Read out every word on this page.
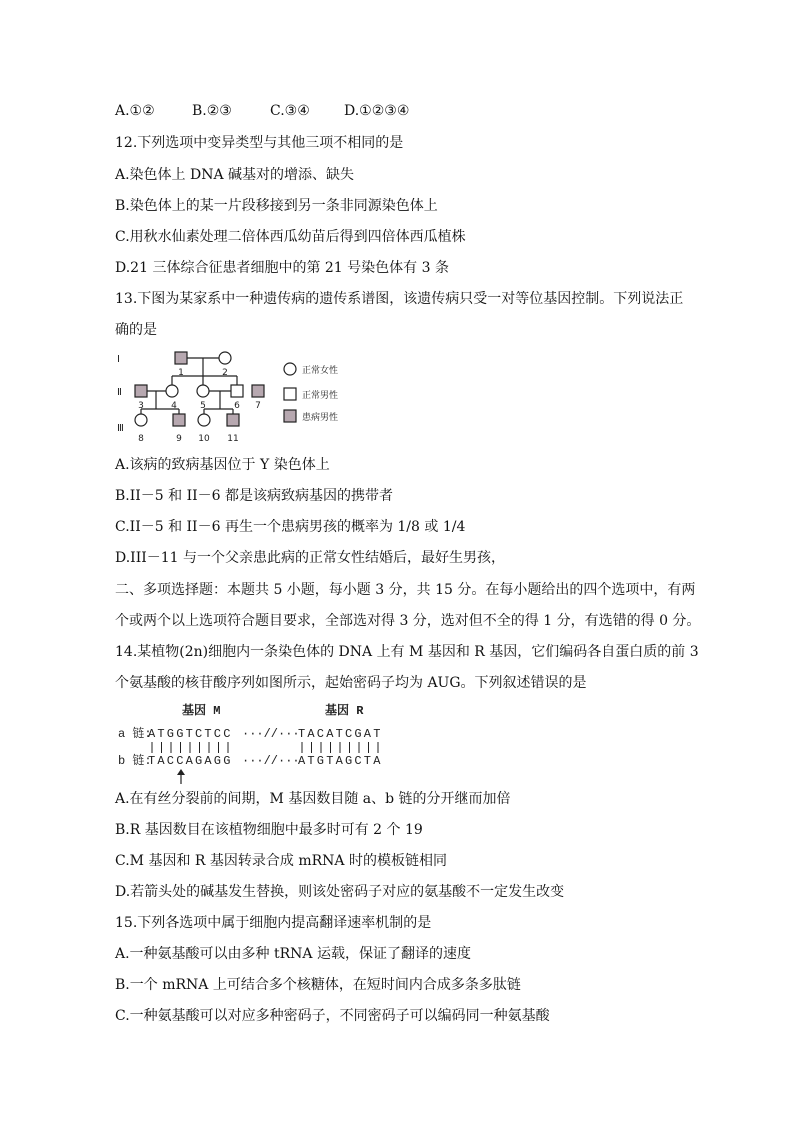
A.①②	B.②③	C.③④ D.①②③④
12.下列选项中变异类型与其他三项不相同的是
A.染色体上 DNA 碱基对的增添、缺失
B.染色体上的某一片段移接到另一条非同源染色体上
C.用秋水仙素处理二倍体西瓜幼苗后得到四倍体西瓜植株
D.21 三体综合征患者细胞中的第 21 号染色体有 3 条
13.下图为某家系中一种遗传病的遗传系谱图，该遗传病只受一对等位基因控制。下列说法正
确的是
Ⅰ
Ⅱ
Ⅲ
1	2
3	4	5	6 7
8	9 10 11
正常女性
正常男性
患病男性
A.该病的致病基因位于 Y 染色体上
B.II－5 和 II－6 都是该病致病基因的携带者
C.II－5 和 II－6 再生一个患病男孩的概率为 1/8 或 1/4
D.III－11 与一个父亲患此病的正常女性结婚后，最好生男孩，
二、多项选择题：本题共 5 小题，每小题 3 分，共 15 分。在每小题给出的四个选项中，有两
个或两个以上选项符合题目要求，全部选对得 3 分，选对但不全的得 1 分，有选错的得 0 分。
14.某植物(2n)细胞内一条染色体的 DNA 上有 M 基因和 R 基因，它们编码各自蛋白质的前 3
个氨基酸的核苷酸序列如图所示，起始密码子均为 AUG。下列叙述错误的是
基因 M	基因 R
a 链:
b 链:
ATGGTCTCC
TACCAGAGG
TACATCGAT
ATGTAGCTA
···//···
···//···
A.在有丝分裂前的间期，M 基因数目随 a、b 链的分开继而加倍
B.R 基因数目在该植物细胞中最多时可有 2 个 19
C.M 基因和 R 基因转录合成 mRNA 时的模板链相同
D.若箭头处的碱基发生替换，则该处密码子对应的氨基酸不一定发生改变
15.下列各选项中属于细胞内提高翻译速率机制的是
A.一种氨基酸可以由多种 tRNA 运载，保证了翻译的速度
B.一个 mRNA 上可结合多个核糖体，在短时间内合成多条多肽链
C.一种氨基酸可以对应多种密码子，不同密码子可以编码同一种氨基酸
